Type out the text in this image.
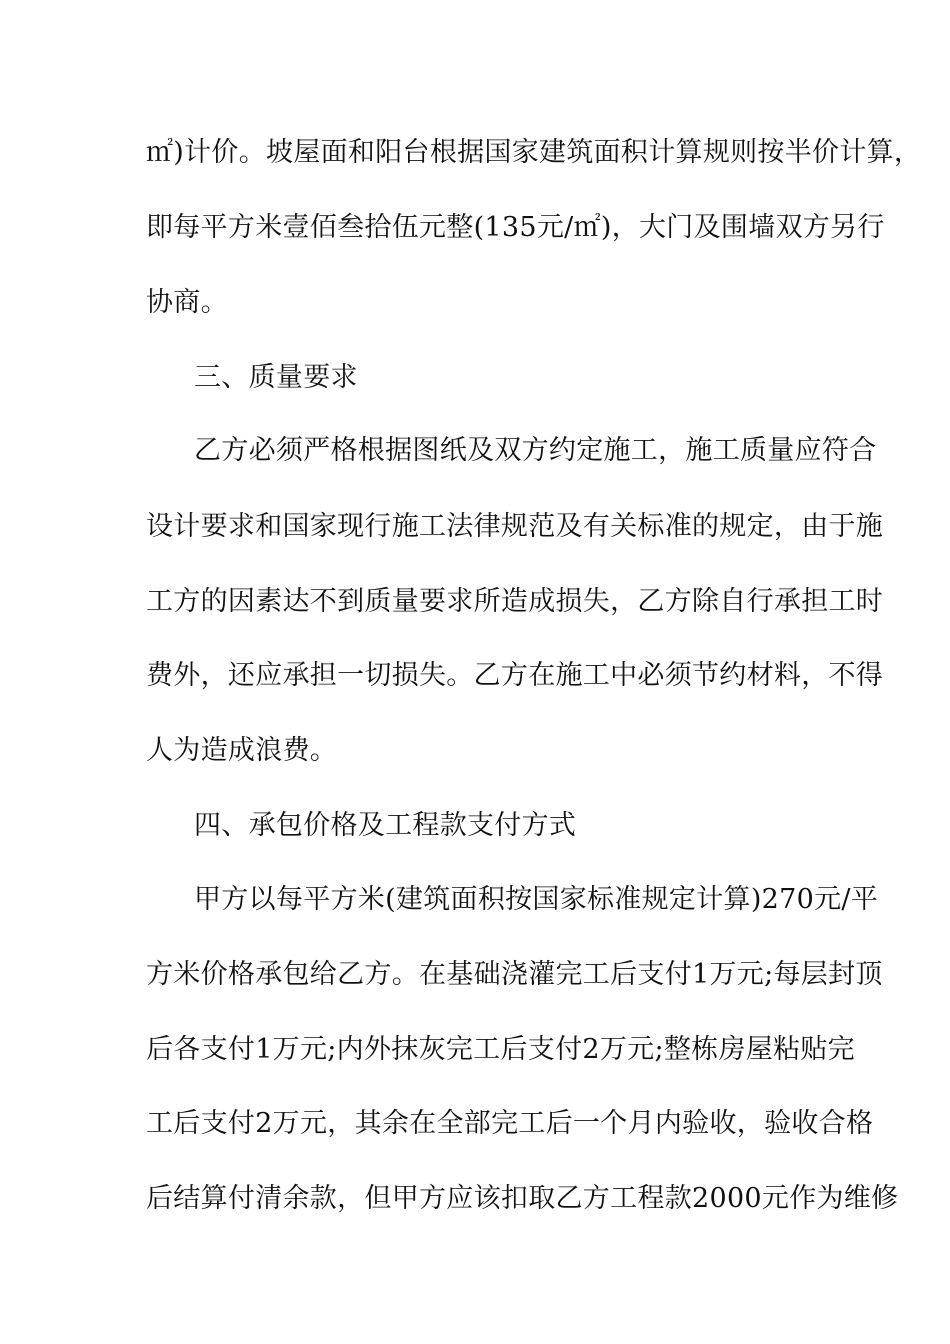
㎡)计价。坡屋面和阳台根据国家建筑面积计算规则按半价计算，
即每平方米壹佰叁拾伍元整(135元/㎡)，大门及围墙双方另行
协商。
三、质量要求
乙方必须严格根据图纸及双方约定施工，施工质量应符合
设计要求和国家现行施工法律规范及有关标准的规定，由于施
工方的因素达不到质量要求所造成损失，乙方除自行承担工时
费外，还应承担一切损失。乙方在施工中必须节约材料，不得
人为造成浪费。
四、承包价格及工程款支付方式
甲方以每平方米(建筑面积按国家标准规定计算)270元/平
方米价格承包给乙方。在基础浇灌完工后支付1万元;每层封顶
后各支付1万元;内外抹灰完工后支付2万元;整栋房屋粘贴完
工后支付2万元，其余在全部完工后一个月内验收，验收合格
后结算付清余款，但甲方应该扣取乙方工程款2000元作为维修
